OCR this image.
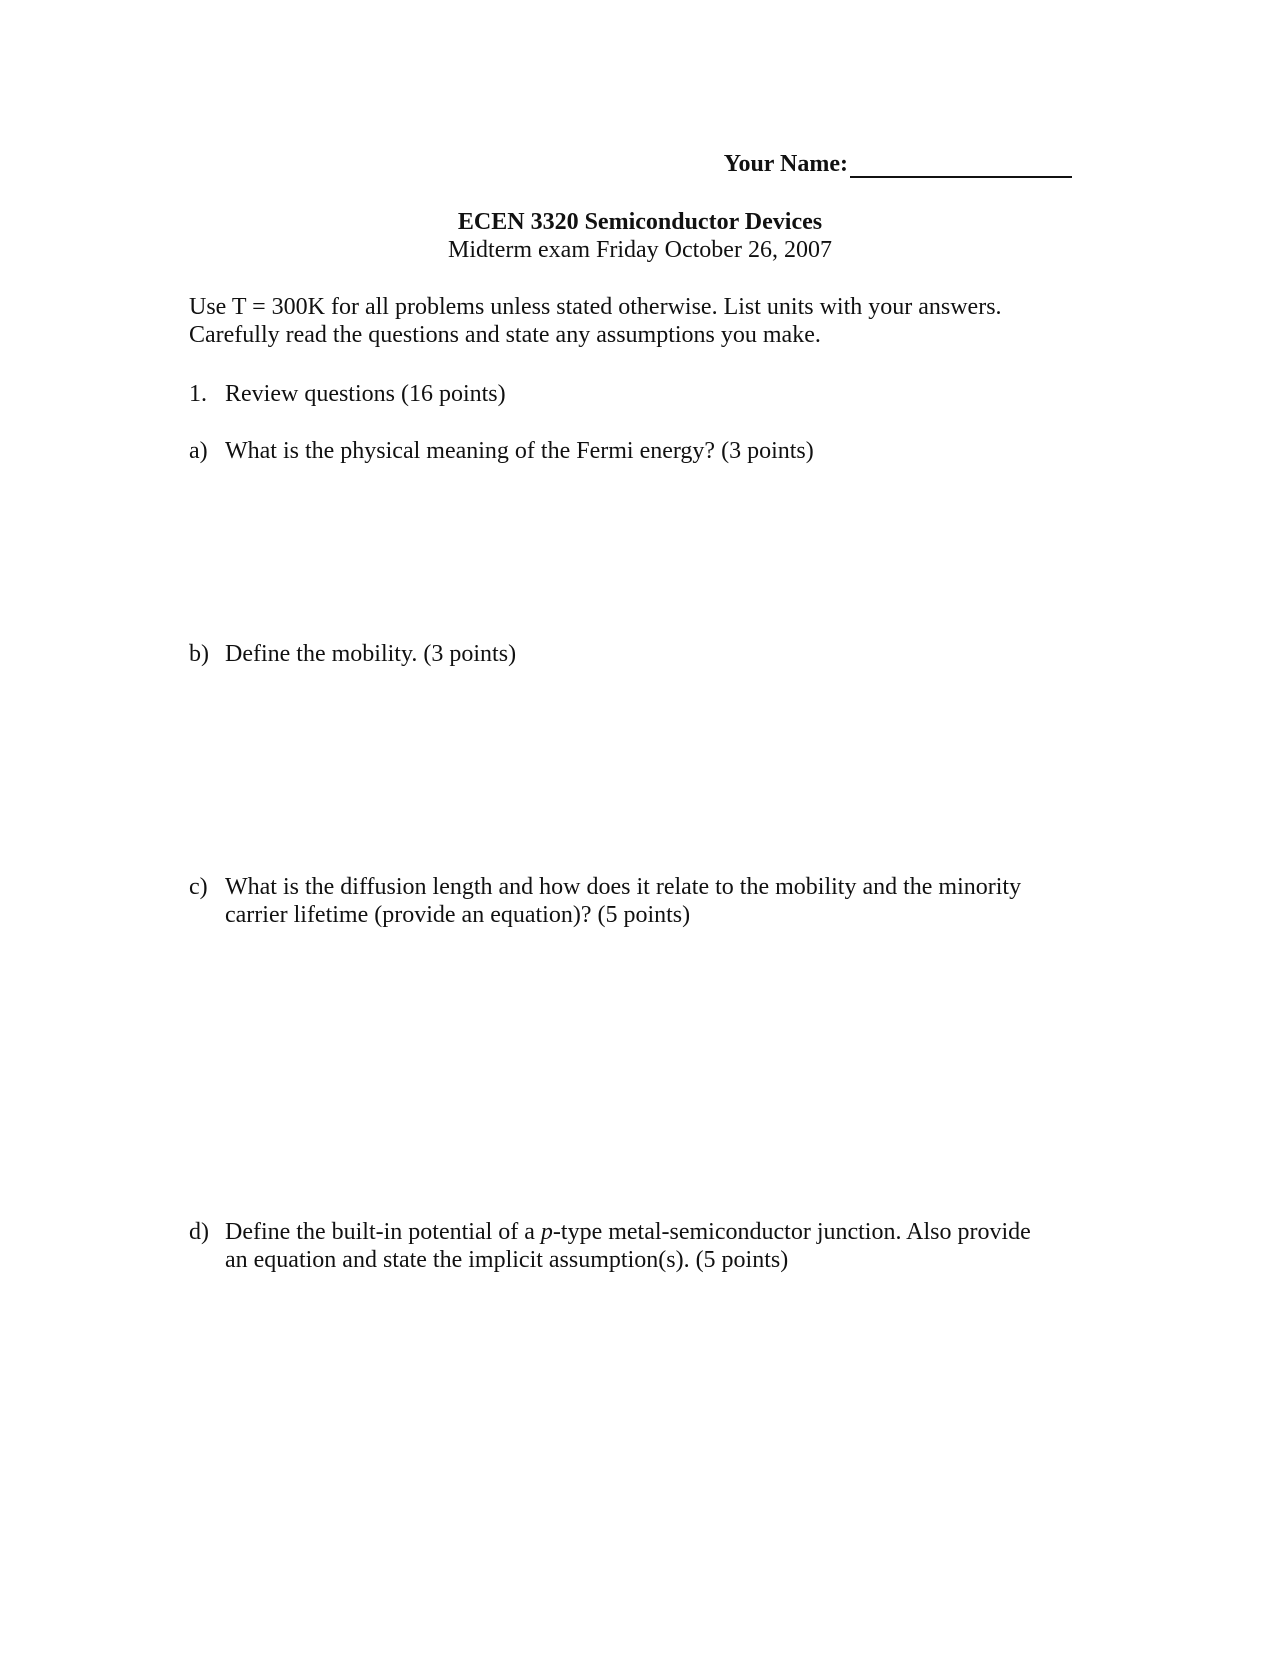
Your Name:
ECEN 3320 Semiconductor Devices
Midterm exam Friday October 26, 2007
Use T = 300K for all problems unless stated otherwise. List units with your answers.
Carefully read the questions and state any assumptions you make.
1. Review questions (16 points)
a) What is the physical meaning of the Fermi energy? (3 points)
b) Define the mobility. (3 points)
c) What is the diffusion length and how does it relate to the mobility and the minority
carrier lifetime (provide an equation)? (5 points)
d) Define the built-in potential of a p-type metal-semiconductor junction. Also provide
an equation and state the implicit assumption(s). (5 points)
